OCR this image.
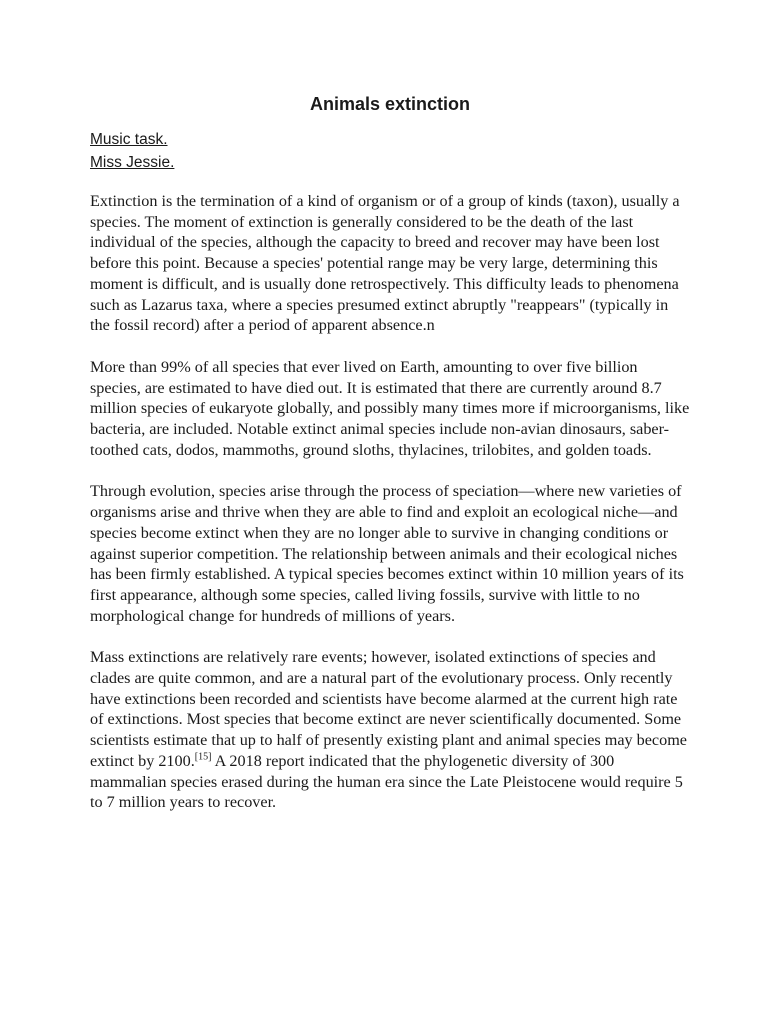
Animals extinction

Music task.

Miss Jessie.

Extinction is the termination of a kind of organism or of a group of kinds (taxon), usually a species. The moment of extinction is generally considered to be the death of the last individual of the species, although the capacity to breed and recover may have been lost before this point. Because a species' potential range may be very large, determining this moment is difficult, and is usually done retrospectively. This difficulty leads to phenomena such as Lazarus taxa, where a species presumed extinct abruptly "reappears" (typically in the fossil record) after a period of apparent absence.n

More than 99% of all species that ever lived on Earth, amounting to over five billion species, are estimated to have died out. It is estimated that there are currently around 8.7 million species of eukaryote globally, and possibly many times more if microorganisms, like bacteria, are included. Notable extinct animal species include non-avian dinosaurs, saber-toothed cats, dodos, mammoths, ground sloths, thylacines, trilobites, and golden toads.

Through evolution, species arise through the process of speciation—where new varieties of organisms arise and thrive when they are able to find and exploit an ecological niche—and species become extinct when they are no longer able to survive in changing conditions or against superior competition. The relationship between animals and their ecological niches has been firmly established. A typical species becomes extinct within 10 million years of its first appearance, although some species, called living fossils, survive with little to no morphological change for hundreds of millions of years.

Mass extinctions are relatively rare events; however, isolated extinctions of species and clades are quite common, and are a natural part of the evolutionary process. Only recently have extinctions been recorded and scientists have become alarmed at the current high rate of extinctions. Most species that become extinct are never scientifically documented. Some scientists estimate that up to half of presently existing plant and animal species may become extinct by 2100.[15] A 2018 report indicated that the phylogenetic diversity of 300 mammalian species erased during the human era since the Late Pleistocene would require 5 to 7 million years to recover.
